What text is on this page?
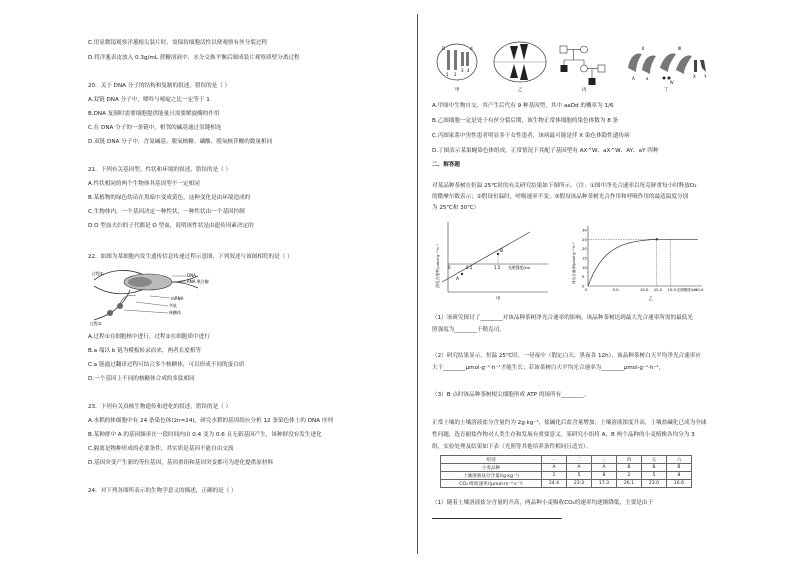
C.用显微镜观察洋葱根尖装片时，需保持细胞活性以便观察有丝分裂过程
D.将洋葱表皮放入 0.3g/mL 蔗糖溶液中，水分交换平衡后制成装片观察质壁分离过程
20．关于 DNA 分子的结构和复制的叙述，错误的是（ ）
A.双链 DNA 分子中，嘌呤与嘧啶之比一定等于 1
B.DNA 复制时需要细胞提供能量且需要解旋酶的作用
C.在 DNA 分子的一条链中，相邻的碱基通过氢键相连
D.双链 DNA 分子中，含氮碱基、脱氧核糖、磷酸、脱氧核苷酸的数量相同
21．下列有关基因型、性状和环境的叙述，错误的是（ ）
A.性状相同的两个生物体其基因型不一定相同
B.某植物的绿色幼苗在黑暗中变成黄色，这种变化是由环境造成的
C.生物体内，一个基因决定一种性状，一种性状由一个基因控制
D.O 型血夫妇的子代都是 O 型血，说明该性状是由遗传因素决定的
22．如图为某细胞内发生遗传信息传递过程示意图，下列叙述与该图相符的是（ ）
过程①	DNA
RNA 聚合酶
mRNA
多肽
核糖体
过程②
A.过程①在细胞核中进行，过程②在细胞质中进行
B.a 端以 b 链为模板转录而来，两者长度相等
C.a 链通过翻译过程可结合多个核糖体，可以形成不同的蛋白质
D.一个基因上不同的核糖体合成的多肽相同
23．下列有关真核生物遗传和进化的叙述，错误的是（ ）
A.水稻的体细胞中有 24 条染色体(2n=24)，研究水稻的基因组应分析 12 条染色体上的 DNA 序列
B.某种群中 A 的基因频率在一段时间内由 0.4 变为 0.6 且无新基因产生，该种群没有发生进化
C.隔离是物种形成的必要条件，其实质是基因不能自由交流
D.基因突变产生新的等位基因，基因重组和基因突变都可为进化提供原材料
24．对下列各图所表示的生物学意义的描述，正确的是（ ）
D	d
1 2
3 4
甲	乙	丙
Ⅱ	Ⅲ
Ⅳ
X Y
A	a
丁
A.甲图中生物自交，其产生后代有 9 种基因型，其中 aaDd 的概率为 1/6
B.乙图细胞一定是处于有丝分裂后期，该生物正常体细胞的染色体数为 8 条
C.丙图家系中男性患者明显多于女性患者，该病最可能是伴 X 染色体隐性遗传病
D.丁图表示某果蝇染色体组成，正常情况下其配子基因型有 AX^W、aX^W、AY、aY 四种
二、解答题
对某品种茶树在恒温 25℃时的有关研究结果如下图所示。（注：①图中净光合速率以每克鲜重每小时释放O₂
的微摩尔数表示；②假设恒温时，呼吸速率不变；③假设该品种茶树光合作用和呼吸作用的最适温度分别
为 25℃和 30℃）
A
B
0	0.5	1.5 光照强度/klx
净光合速率/μmol·g⁻¹·h⁻¹
甲
0
5
10
15
20
25
30
0	5.0	10.0 12.5 15.0	20.0
光照强度/klx
净光合速率/μmol·g⁻¹·h⁻¹
乙
（1）该研究探讨了________对该品种茶树净光合速率的影响，该品种茶树达到最大光合速率所需的最低光
照强度为________千勒克司。
（2）研究结果显示，恒温 25℃时，一昼夜中（假定白天、黑夜各 12h），该品种茶树白天平均净光合速率应
大于________μmol·g⁻¹·h⁻¹才能生长；若该茶树白天平均光合速率为________μmol·g⁻¹·h⁻¹，
（3）B 点时该品种茶树根尖细胞形成 ATP 的场所有________。
正常土壤的土壤溶液盐分含量约为 2g·kg⁻¹，盐碱化后盐含量增加，土壤溶液浓度升高，土壤盐碱化已成为全球
性问题，选育耐盐作物对人类生存和发展有重要意义。某研究小组将 A、B 两个品种的小麦植株各均分为 3
组，实验处理及结果如下表（光照等其他培养条件相同且适宜）。
组别	一	二	三	四	五	六
小麦品种	A	A	A	B	B	B
土壤溶液盐分含量/(g·kg⁻¹)	2	5	8	2	5	8
CO₂ 吸收速率/(μmol·m⁻²·s⁻¹)	24.4	23.3	17.3	26.1	23.0	16.6
（1）随着土壤溶液盐分含量的升高，两品种小麦吸收CO₂的速率均逐渐降低，主要是由于
